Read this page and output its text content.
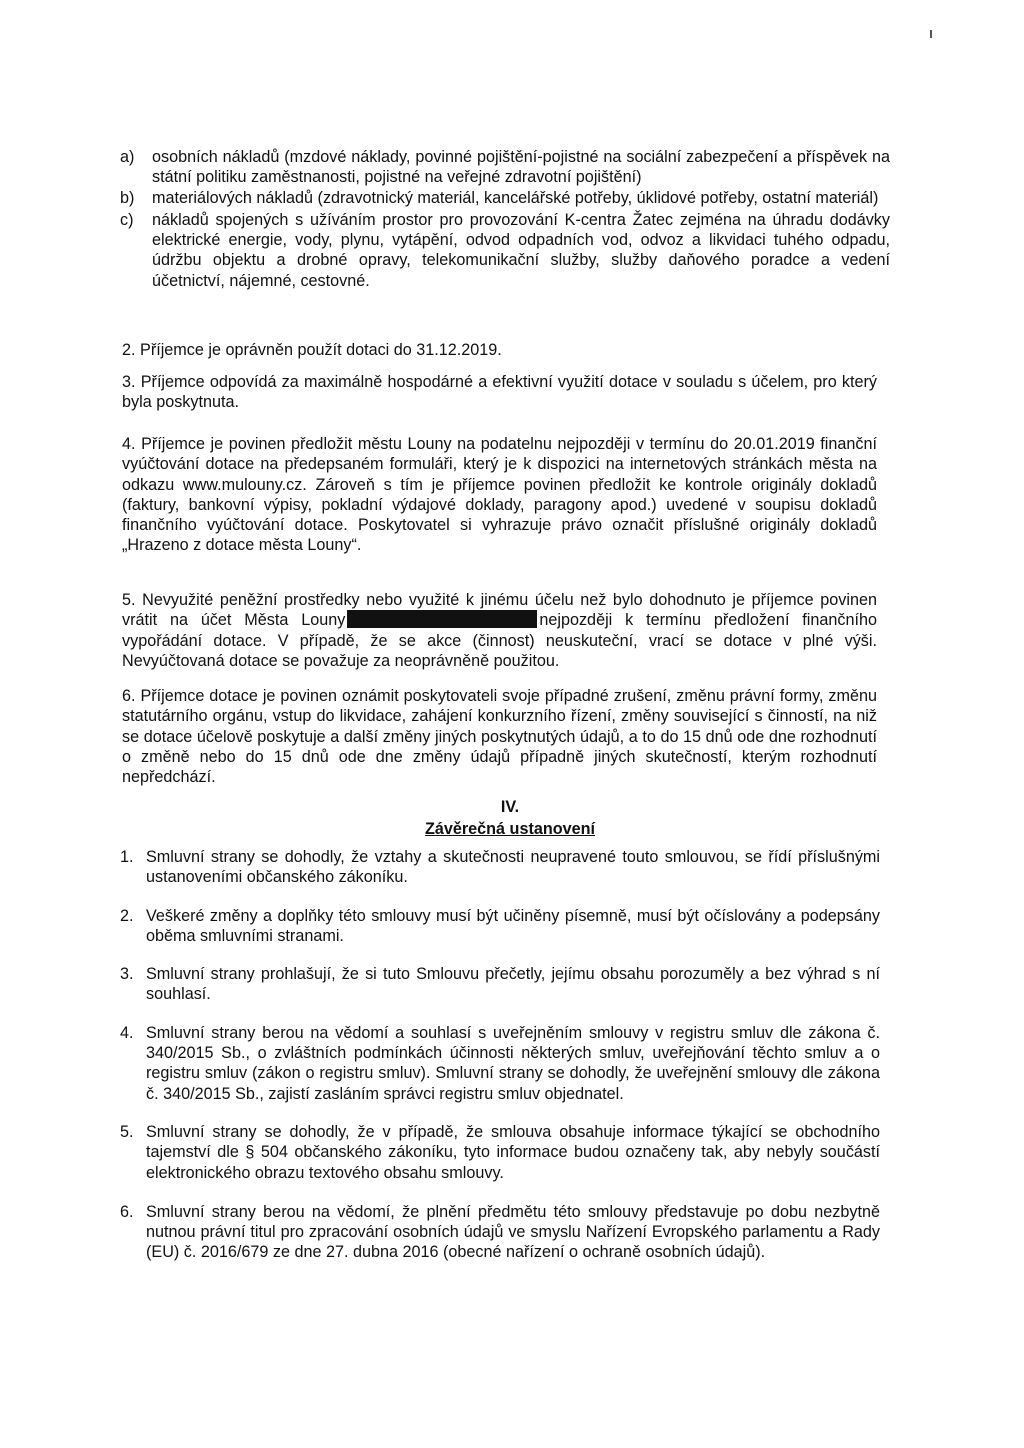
a)	osobních nákladů (mzdové náklady, povinné pojištění-pojistné na sociální zabezpečení a příspěvek na státní politiku zaměstnanosti, pojistné na veřejné zdravotní pojištění)
b)	materiálových nákladů (zdravotnický materiál, kancelářské potřeby, úklidové potřeby, ostatní materiál)
c)	nákladů spojených s užíváním prostor pro provozování K-centra Žatec zejména na úhradu dodávky elektrické energie, vody, plynu, vytápění, odvod odpadních vod, odvoz a likvidaci tuhého odpadu, údržbu objektu a drobné opravy, telekomunikační služby, služby daňového poradce a vedení účetnictví, nájemné, cestovné.
2. Příjemce je oprávněn použít dotaci do 31.12.2019.
3. Příjemce odpovídá za maximálně hospodárné a efektivní využití dotace v souladu s účelem, pro který byla poskytnuta.
4. Příjemce je povinen předložit městu Louny na podatelnu nejpozději v termínu do 20.01.2019 finanční vyúčtování dotace na předepsaném formuláři, který je k dispozici na internetových stránkách města na odkazu www.mulouny.cz. Zároveň s tím je příjemce povinen předložit ke kontrole originály dokladů (faktury, bankovní výpisy, pokladní výdajové doklady, paragony apod.) uvedené v soupisu dokladů finančního vyúčtování dotace. Poskytovatel si vyhrazuje právo označit příslušné originály dokladů „Hrazeno z dotace města Louny“.
5. Nevyužité peněžní prostředky nebo využité k jinému účelu než bylo dohodnuto je příjemce povinen vrátit na účet Města Louny	nejpozději k termínu předložení finančního vypořádání dotace. V případě, že se akce (činnost) neuskuteční, vrací se dotace v plné výši. Nevyúčtovaná dotace se považuje za neoprávněně použitou.
6. Příjemce dotace je povinen oznámit poskytovateli svoje případné zrušení, změnu právní formy, změnu statutárního orgánu, vstup do likvidace, zahájení konkurzního řízení, změny související s činností, na niž se dotace účelově poskytuje a další změny jiných poskytnutých údajů, a to do 15 dnů ode dne rozhodnutí o změně nebo do 15 dnů ode dne změny údajů případně jiných skutečností, kterým rozhodnutí nepředchází.
IV.
Závěrečná ustanovení
1. Smluvní strany se dohodly, že vztahy a skutečnosti neupravené touto smlouvou, se řídí příslušnými ustanoveními občanského zákoníku.
2. Veškeré změny a doplňky této smlouvy musí být učiněny písemně, musí být očíslovány a podepsány oběma smluvními stranami.
3. Smluvní strany prohlašují, že si tuto Smlouvu přečetly, jejímu obsahu porozuměly a bez výhrad s ní souhlasí.
4. Smluvní strany berou na vědomí a souhlasí s uveřejněním smlouvy v registru smluv dle zákona č. 340/2015 Sb., o zvláštních podmínkách účinnosti některých smluv, uveřejňování těchto smluv a o registru smluv (zákon o registru smluv). Smluvní strany se dohodly, že uveřejnění smlouvy dle zákona č. 340/2015 Sb., zajistí zasláním správci registru smluv objednatel.
5. Smluvní strany se dohodly, že v případě, že smlouva obsahuje informace týkající se obchodního tajemství dle § 504 občanského zákoníku, tyto informace budou označeny tak, aby nebyly součástí elektronického obrazu textového obsahu smlouvy.
6. Smluvní strany berou na vědomí, že plnění předmětu této smlouvy představuje po dobu nezbytně nutnou právní titul pro zpracování osobních údajů ve smyslu Nařízení Evropského parlamentu a Rady (EU) č. 2016/679 ze dne 27. dubna 2016 (obecné nařízení o ochraně osobních údajů).
